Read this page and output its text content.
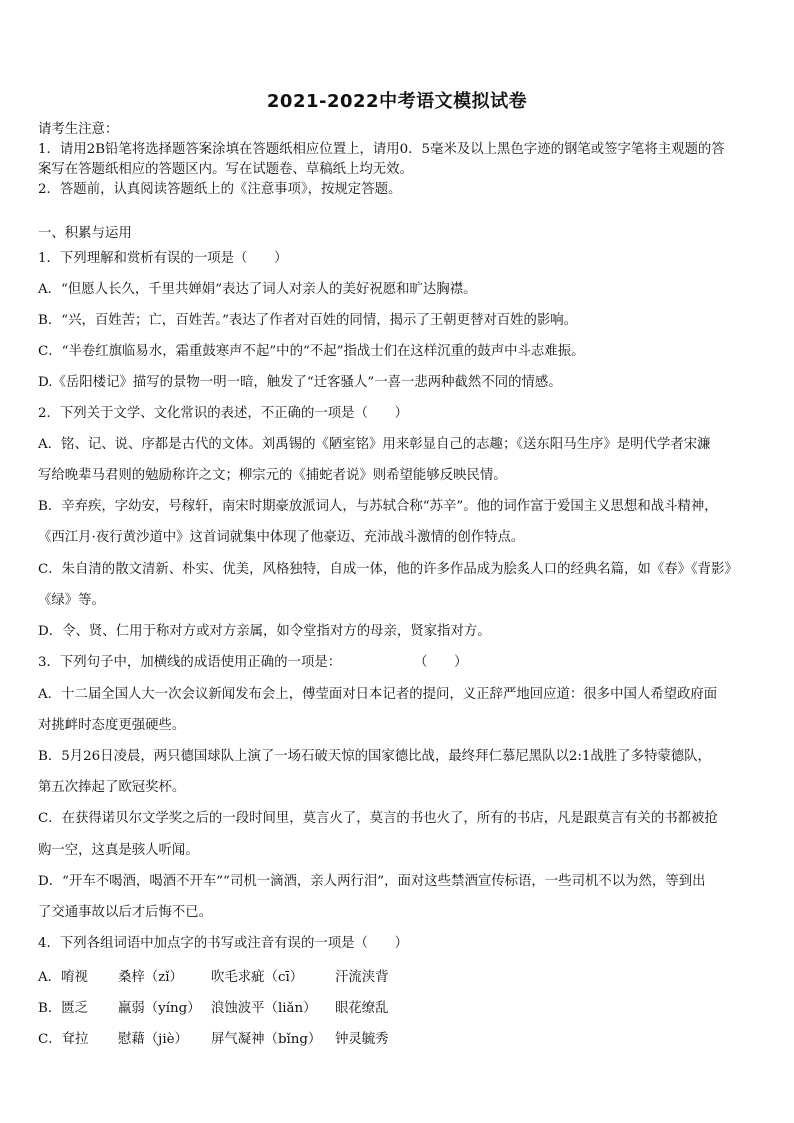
2021-2022中考语文模拟试卷
请考生注意：
1．请用2B铅笔将选择题答案涂填在答题纸相应位置上，请用0．5毫米及以上黑色字迹的钢笔或签字笔将主观题的答
案写在答题纸相应的答题区内。写在试题卷、草稿纸上均无效。
2．答题前，认真阅读答题纸上的《注意事项》，按规定答题。
一、积累与运用
1．下列理解和赏析有误的一项是（　　）
A．“但愿人长久，千里共婵娟”表达了词人对亲人的美好祝愿和旷达胸襟。
B．“兴，百姓苦；亡，百姓苦。”表达了作者对百姓的同情，揭示了王朝更替对百姓的影响。
C．“半卷红旗临易水，霜重鼓寒声不起”中的“不起”指战士们在这样沉重的鼓声中斗志难振。
D.《岳阳楼记》描写的景物一明一暗，触发了“迁客骚人”一喜一悲两种截然不同的情感。
2．下列关于文学、文化常识的表述，不正确的一项是（　　）
A．铭、记、说、序都是古代的文体。刘禹锡的《陋室铭》用来彰显自己的志趣；《送东阳马生序》是明代学者宋濂
写给晚辈马君则的勉励称许之文；柳宗元的《捕蛇者说》则希望能够反映民情。
B．辛弃疾，字幼安，号稼轩，南宋时期豪放派词人，与苏轼合称“苏辛”。他的词作富于爱国主义思想和战斗精神，
《西江月·夜行黄沙道中》这首词就集中体现了他豪迈、充沛战斗激情的创作特点。
C．朱自清的散文清新、朴实、优美，风格独特，自成一体，他的许多作品成为脍炙人口的经典名篇，如《春》《背影》
《绿》等。
D．令、贤、仁用于称对方或对方亲属，如令堂指对方的母亲，贤家指对方。
3．下列句子中，加横线的成语使用正确的一项是：	（　　）
A．十二届全国人大一次会议新闻发布会上，傅莹面对日本记者的提问，义正辞严地回应道：很多中国人希望政府面
对挑衅时态度更强硬些。
B．5月26日凌晨，两只德国球队上演了一场石破天惊的国家德比战，最终拜仁慕尼黑队以2:1战胜了多特蒙德队，
第五次捧起了欧冠奖杯。
C．在获得诺贝尔文学奖之后的一段时间里，莫言火了，莫言的书也火了，所有的书店，凡是跟莫言有关的书都被抢
购一空，这真是骇人听闻。
D．“开车不喝酒，喝酒不开车”“司机一滴酒，亲人两行泪”，面对这些禁酒宣传标语，一些司机不以为然，等到出
了交通事故以后才后悔不已。
4．下列各组词语中加点字的书写或注音有误的一项是（　　）
A．唷视 桑梓（zǐ） 吹毛求疵（cī） 汗流浃背
B．匮乏 羸弱（yíng） 浪蚀波平（liǎn） 眼花缭乱
C．耷拉 慰藉（jiè） 屏气凝神（bǐng） 钟灵毓秀
